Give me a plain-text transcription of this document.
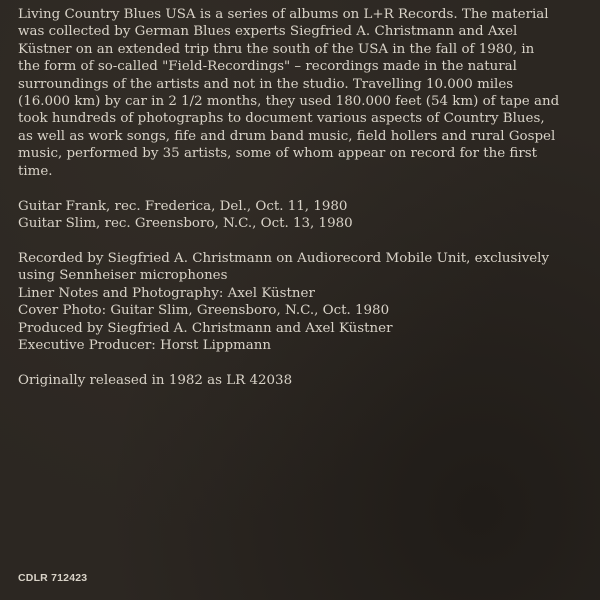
Living Country Blues USA is a series of albums on L+R Records. The material
was collected by German Blues experts Siegfried A. Christmann and Axel
Küstner on an extended trip thru the south of the USA in the fall of 1980, in
the form of so-called "Field-Recordings" – recordings made in the natural
surroundings of the artists and not in the studio. Travelling 10.000 miles
(16.000 km) by car in 2 1/2 months, they used 180.000 feet (54 km) of tape and
took hundreds of photographs to document various aspects of Country Blues,
as well as work songs, fife and drum band music, field hollers and rural Gospel
music, performed by 35 artists, some of whom appear on record for the first
time.

Guitar Frank, rec. Frederica, Del., Oct. 11, 1980

Guitar Slim, rec. Greensboro, N.C., Oct. 13, 1980

Recorded by Siegfried A. Christmann on Audiorecord Mobile Unit, exclusively
using Sennheiser microphones

Liner Notes and Photography: Axel Küstner

Cover Photo: Guitar Slim, Greensboro, N.C., Oct. 1980

Produced by Siegfried A. Christmann and Axel Küstner

Executive Producer: Horst Lippmann

Originally released in 1982 as LR 42038

CDLR 712423
